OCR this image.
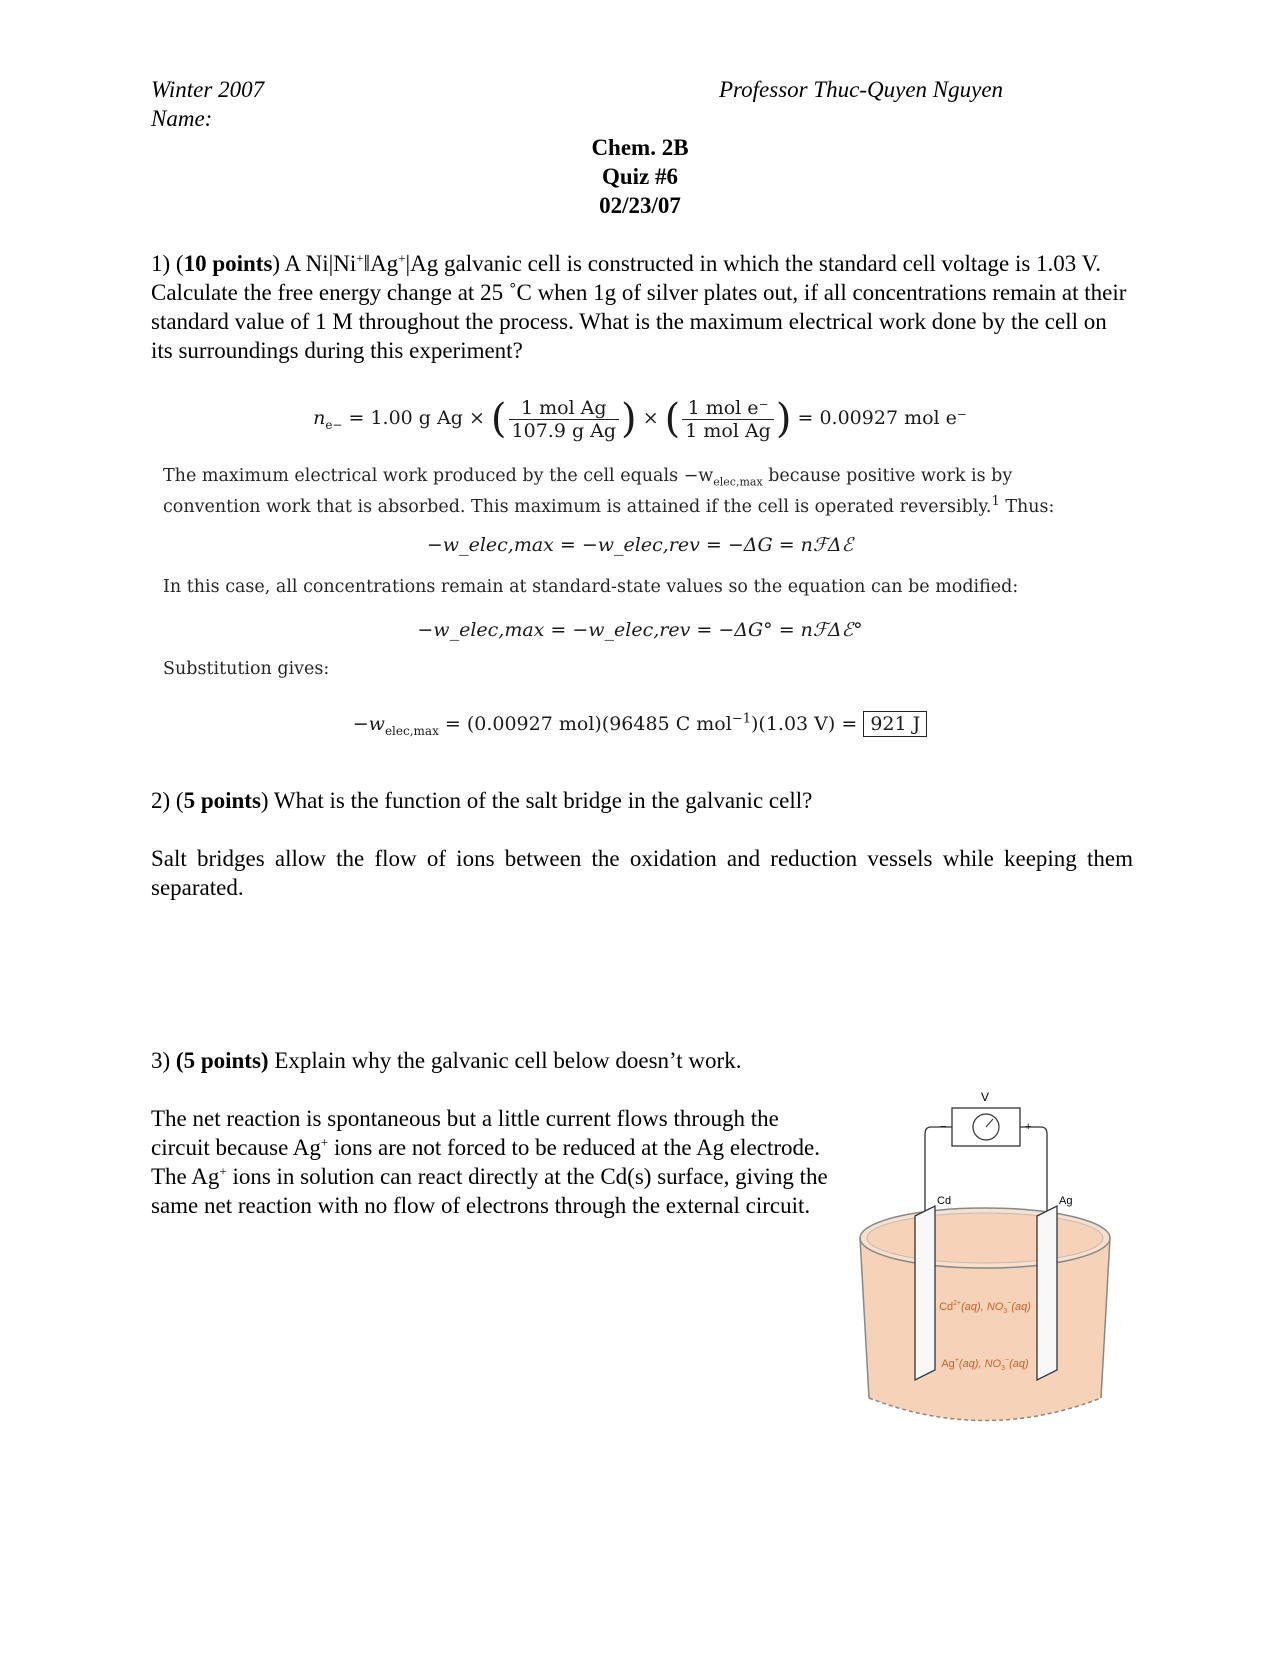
Winter 2007
Name:
Professor Thuc-Quyen Nguyen
Chem. 2B
Quiz #6
02/23/07
1) (10 points) A Ni|Ni+‖Ag+|Ag galvanic cell is constructed in which the standard cell voltage is 1.03 V. Calculate the free energy change at 25 ˚C when 1g of silver plates out, if all concentrations remain at their standard value of 1 M throughout the process. What is the maximum electrical work done by the cell on its surroundings during this experiment?
$n_{e-} = 1.00$ g Ag × ( $\frac{\text{1 mol Ag}}{\text{107.9 g Ag}}$ ) × ( $\frac{\text{1 mol e⁻}}{\text{1 mol Ag}}$ ) = 0.00927 mol e⁻
The maximum electrical work produced by the cell equals $-w_{elec,max}$ because positive work is by convention work that is absorbed. This maximum is attained if the cell is operated reversibly.$^1$ Thus:
−w_elec,max = −w_elec,rev = −ΔG = nℱΔℰ
In this case, all concentrations remain at standard-state values so the equation can be modified:
−w_elec,max = −w_elec,rev = −ΔG° = nℱΔℰ°
Substitution gives:
$-w_{elec,max} = (0.00927$ mol)(96485 C mol$^{-1}$)(1.03 V) = 921 J
2) (5 points) What is the function of the salt bridge in the galvanic cell?
Salt bridges allow the flow of ions between the oxidation and reduction vessels while keeping them separated.
3) (5 points) Explain why the galvanic cell below doesn’t work.
The net reaction is spontaneous but a little current flows through the circuit because Ag+ ions are not forced to be reduced at the Ag electrode. The Ag+ ions in solution can react directly at the Cd(s) surface, giving the same net reaction with no flow of electrons through the external circuit.
V
−	+
Cd	Ag
$Cd^{2+}(aq)$, $NO_3^-(aq)$
Ag+(aq), $NO_3^-(aq)$
